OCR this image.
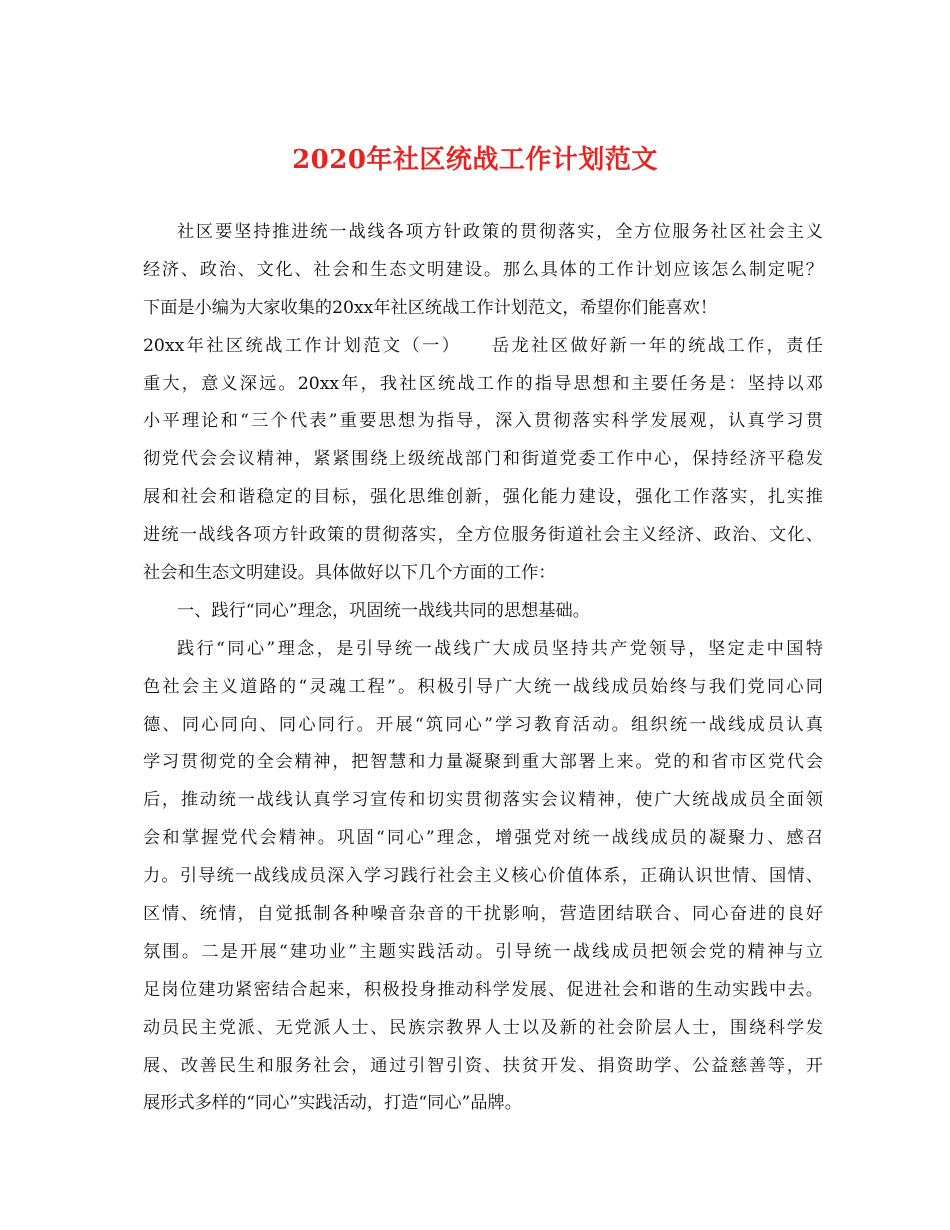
2020年社区统战工作计划范文
社区要坚持推进统一战线各项方针政策的贯彻落实，全方位服务社区社会主义
经济、政治、文化、社会和生态文明建设。那么具体的工作计划应该怎么制定呢？
下面是小编为大家收集的20xx年社区统战工作计划范文，希望你们能喜欢！
20xx年社区统战工作计划范文（一）　　岳龙社区做好新一年的统战工作，责任
重大，意义深远。20xx年，我社区统战工作的指导思想和主要任务是：坚持以邓
小平理论和“三个代表”重要思想为指导，深入贯彻落实科学发展观，认真学习贯
彻党代会会议精神，紧紧围绕上级统战部门和街道党委工作中心，保持经济平稳发
展和社会和谐稳定的目标，强化思维创新，强化能力建设，强化工作落实，扎实推
进统一战线各项方针政策的贯彻落实，全方位服务街道社会主义经济、政治、文化、
社会和生态文明建设。具体做好以下几个方面的工作：
一、践行“同心”理念，巩固统一战线共同的思想基础。
践行“同心”理念，是引导统一战线广大成员坚持共产党领导，坚定走中国特
色社会主义道路的“灵魂工程”。积极引导广大统一战线成员始终与我们党同心同
德、同心同向、同心同行。开展“筑同心”学习教育活动。组织统一战线成员认真
学习贯彻党的全会精神，把智慧和力量凝聚到重大部署上来。党的和省市区党代会
后，推动统一战线认真学习宣传和切实贯彻落实会议精神，使广大统战成员全面领
会和掌握党代会精神。巩固“同心”理念，增强党对统一战线成员的凝聚力、感召
力。引导统一战线成员深入学习践行社会主义核心价值体系，正确认识世情、国情、
区情、统情，自觉抵制各种噪音杂音的干扰影响，营造团结联合、同心奋进的良好
氛围。二是开展“建功业”主题实践活动。引导统一战线成员把领会党的精神与立
足岗位建功紧密结合起来，积极投身推动科学发展、促进社会和谐的生动实践中去。
动员民主党派、无党派人士、民族宗教界人士以及新的社会阶层人士，围绕科学发
展、改善民生和服务社会，通过引智引资、扶贫开发、捐资助学、公益慈善等，开
展形式多样的“同心”实践活动，打造“同心”品牌。
